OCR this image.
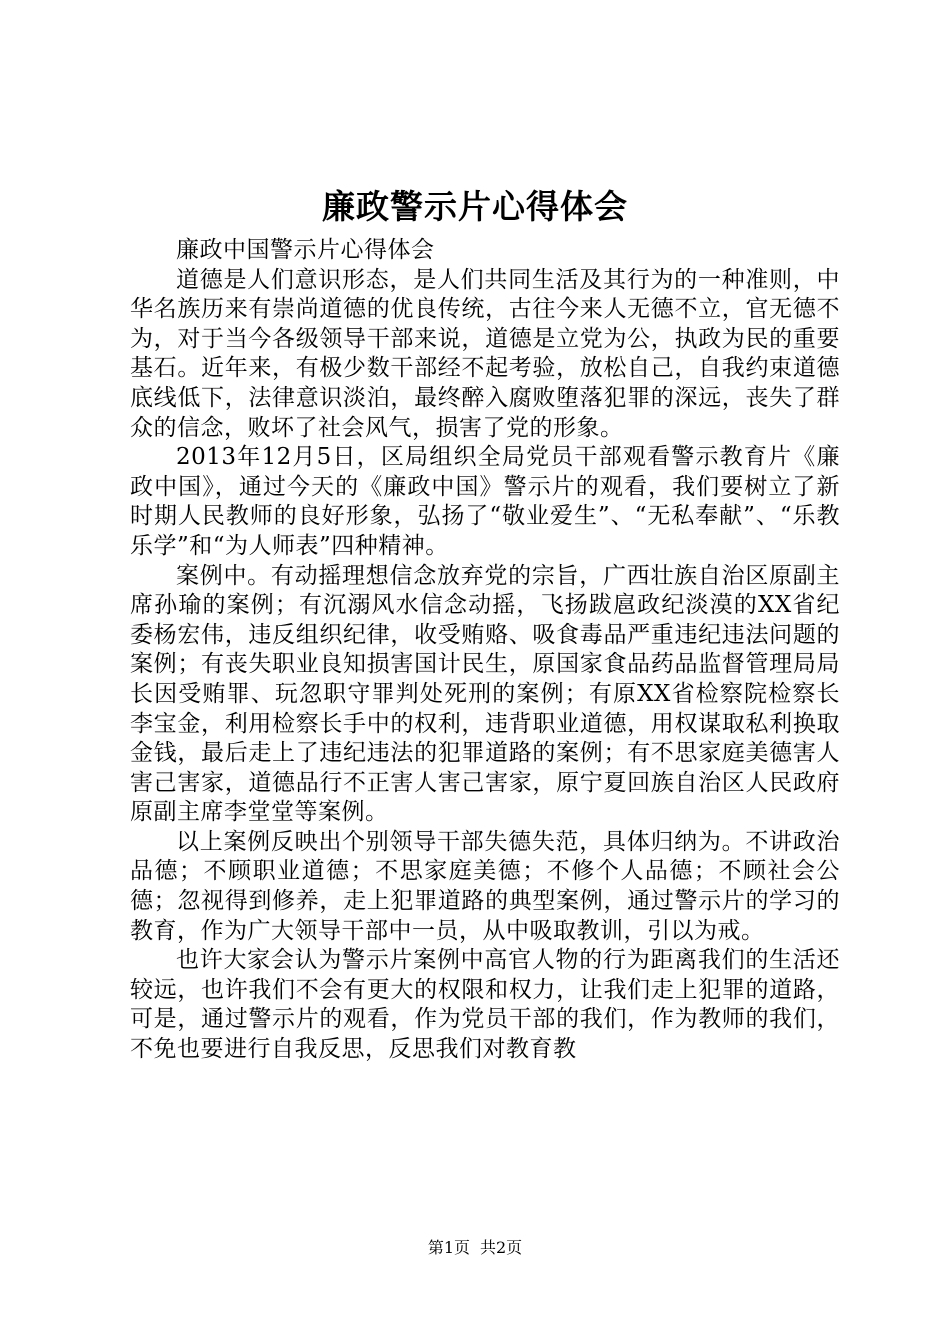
廉政警示片心得体会

廉政中国警示片心得体会

道德是人们意识形态，是人们共同生活及其行为的一种准则，中华名族历来有崇尚道德的优良传统，古往今来人无德不立，官无德不为，对于当今各级领导干部来说，道德是立党为公，执政为民的重要基石。近年来，有极少数干部经不起考验，放松自己，自我约束道德底线低下，法律意识淡泊，最终醉入腐败堕落犯罪的深远，丧失了群众的信念，败坏了社会风气，损害了党的形象。

2013年12月5日，区局组织全局党员干部观看警示教育片《廉政中国》，通过今天的《廉政中国》警示片的观看，我们要树立了新时期人民教师的良好形象，弘扬了“敬业爱生”、“无私奉献”、“乐教乐学”和“为人师表”四种精神。

案例中。有动摇理想信念放弃党的宗旨，广西壮族自治区原副主席孙瑜的案例；有沉溺风水信念动摇，飞扬跋扈政纪淡漠的XX省纪委杨宏伟，违反组织纪律，收受贿赂、吸食毒品严重违纪违法问题的案例；有丧失职业良知损害国计民生，原国家食品药品监督管理局局长因受贿罪、玩忽职守罪判处死刑的案例；有原XX省检察院检察长李宝金，利用检察长手中的权利，违背职业道德，用权谋取私利换取金钱，最后走上了违纪违法的犯罪道路的案例；有不思家庭美德害人害己害家，道德品行不正害人害己害家，原宁夏回族自治区人民政府原副主席李堂堂等案例。

以上案例反映出个别领导干部失德失范，具体归纳为。不讲政治品德；不顾职业道德；不思家庭美德；不修个人品德；不顾社会公德；忽视得到修养，走上犯罪道路的典型案例，通过警示片的学习的教育，作为广大领导干部中一员，从中吸取教训，引以为戒。

也许大家会认为警示片案例中高官人物的行为距离我们的生活还较远，也许我们不会有更大的权限和权力，让我们走上犯罪的道路，可是，通过警示片的观看，作为党员干部的我们，作为教师的我们，不免也要进行自我反思，反思我们对教育教

第1页 共2页
